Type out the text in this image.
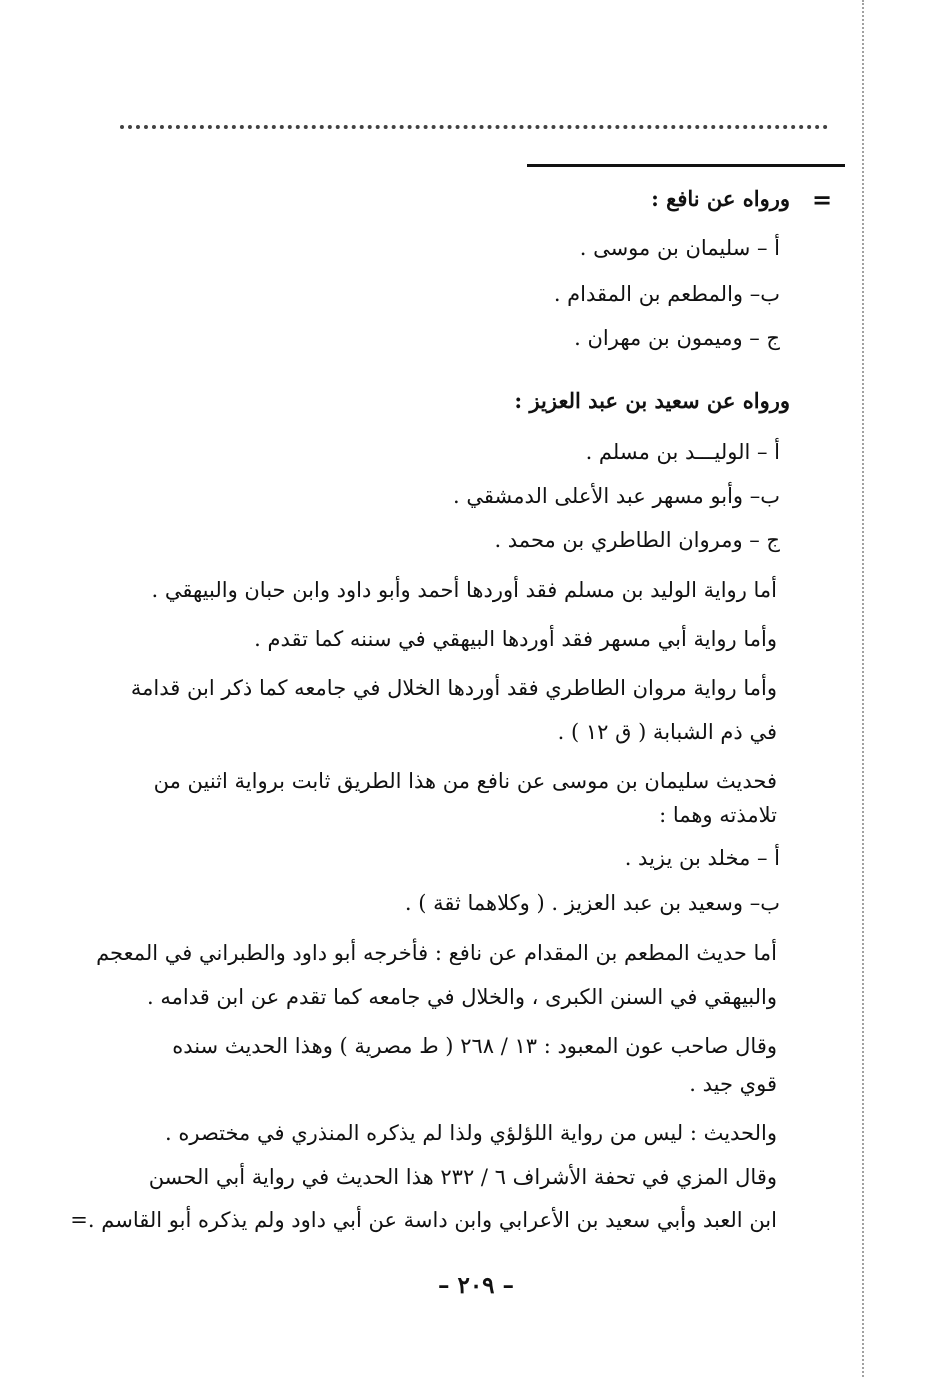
=
ورواه عن نافع :
أ – سليمان بن موسى .
ب– والمطعم بن المقدام .
ج – وميمون بن مهران .
ورواه عن سعيد بن عبد العزيز :
أ – الوليـــد بن مسلم .
ب– وأبو مسهر عبد الأعلى الدمشقي .
ج – ومروان الطاطري بن محمد .
أما رواية الوليد بن مسلم فقد أوردها أحمد وأبو داود وابن حبان والبيهقي .
وأما رواية أبي مسهر فقد أوردها البيهقي في سننه كما تقدم .
وأما رواية مروان الطاطري فقد أوردها الخلال في جامعه كما ذكر ابن قدامة
في ذم الشبابة ( ق ١٢ ) .
فحديث سليمان بن موسى عن نافع من هذا الطريق ثابت برواية اثنين من
تلامذته وهما :
أ – مخلد بن يزيد .
ب– وسعيد بن عبد العزيز . ( وكلاهما ثقة ) .
أما حديث المطعم بن المقدام عن نافع : فأخرجه أبو داود والطبراني في المعجم
والبيهقي في السنن الكبرى ، والخلال في جامعه كما تقدم عن ابن قدامه .
وقال صاحب عون المعبود : ١٣ / ٢٦٨ ( ط مصرية ) وهذا الحديث سنده
قوي جيد .
والحديث : ليس من رواية اللؤلؤي ولذا لم يذكره المنذري في مختصره .
وقال المزي في تحفة الأشراف ٦ / ٢٣٢ هذا الحديث في رواية أبي الحسن
ابن العبد وأبي سعيد بن الأعرابي وابن داسة عن أبي داود ولم يذكره أبو القاسم .=
– ٢٠٩ –
